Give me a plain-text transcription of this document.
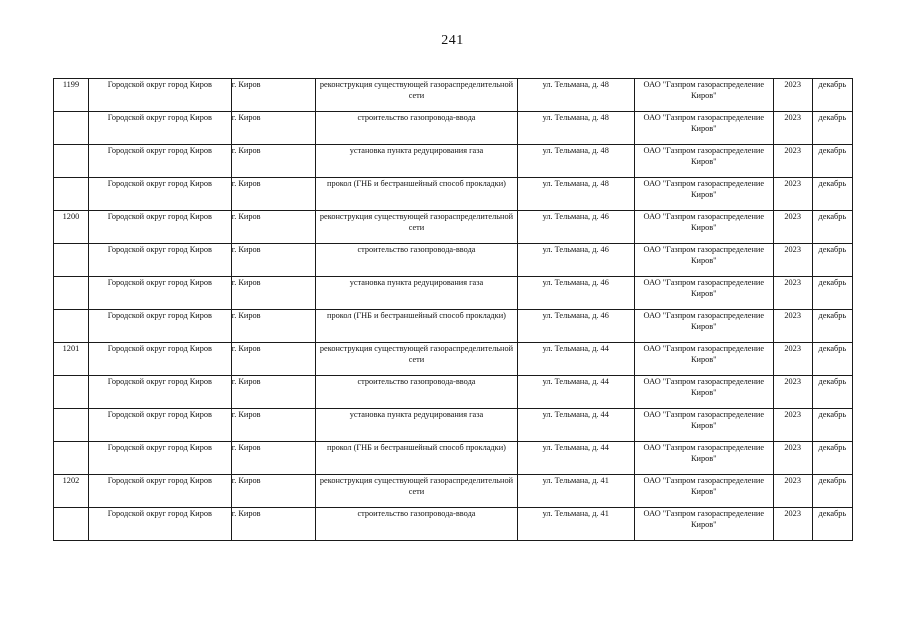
241
1199	Городской округ город Киров	г. Киров	реконструкция существующей газораспределительной сети	ул. Тельмана, д. 48	ОАО "Газпром газораспределение Киров"	2023	декабрь
	Городской округ город Киров	г. Киров	строительство газопровода-ввода	ул. Тельмана, д. 48	ОАО "Газпром газораспределение Киров"	2023	декабрь
	Городской округ город Киров	г. Киров	установка пункта редуцирования газа	ул. Тельмана, д. 48	ОАО "Газпром газораспределение Киров"	2023	декабрь
	Городской округ город Киров	г. Киров	прокол (ГНБ и бестраншейный способ прокладки)	ул. Тельмана, д. 48	ОАО "Газпром газораспределение Киров"	2023	декабрь
1200	Городской округ город Киров	г. Киров	реконструкция существующей газораспределительной сети	ул. Тельмана, д. 46	ОАО "Газпром газораспределение Киров"	2023	декабрь
	Городской округ город Киров	г. Киров	строительство газопровода-ввода	ул. Тельмана, д. 46	ОАО "Газпром газораспределение Киров"	2023	декабрь
	Городской округ город Киров	г. Киров	установка пункта редуцирования газа	ул. Тельмана, д. 46	ОАО "Газпром газораспределение Киров"	2023	декабрь
	Городской округ город Киров	г. Киров	прокол (ГНБ и бестраншейный способ прокладки)	ул. Тельмана, д. 46	ОАО "Газпром газораспределение Киров"	2023	декабрь
1201	Городской округ город Киров	г. Киров	реконструкция существующей газораспределительной сети	ул. Тельмана, д. 44	ОАО "Газпром газораспределение Киров"	2023	декабрь
	Городской округ город Киров	г. Киров	строительство газопровода-ввода	ул. Тельмана, д. 44	ОАО "Газпром газораспределение Киров"	2023	декабрь
	Городской округ город Киров	г. Киров	установка пункта редуцирования газа	ул. Тельмана, д. 44	ОАО "Газпром газораспределение Киров"	2023	декабрь
	Городской округ город Киров	г. Киров	прокол (ГНБ и бестраншейный способ прокладки)	ул. Тельмана, д. 44	ОАО "Газпром газораспределение Киров"	2023	декабрь
1202	Городской округ город Киров	г. Киров	реконструкция существующей газораспределительной сети	ул. Тельмана, д. 41	ОАО "Газпром газораспределение Киров"	2023	декабрь
	Городской округ город Киров	г. Киров	строительство газопровода-ввода	ул. Тельмана, д. 41	ОАО "Газпром газораспределение Киров"	2023	декабрь
